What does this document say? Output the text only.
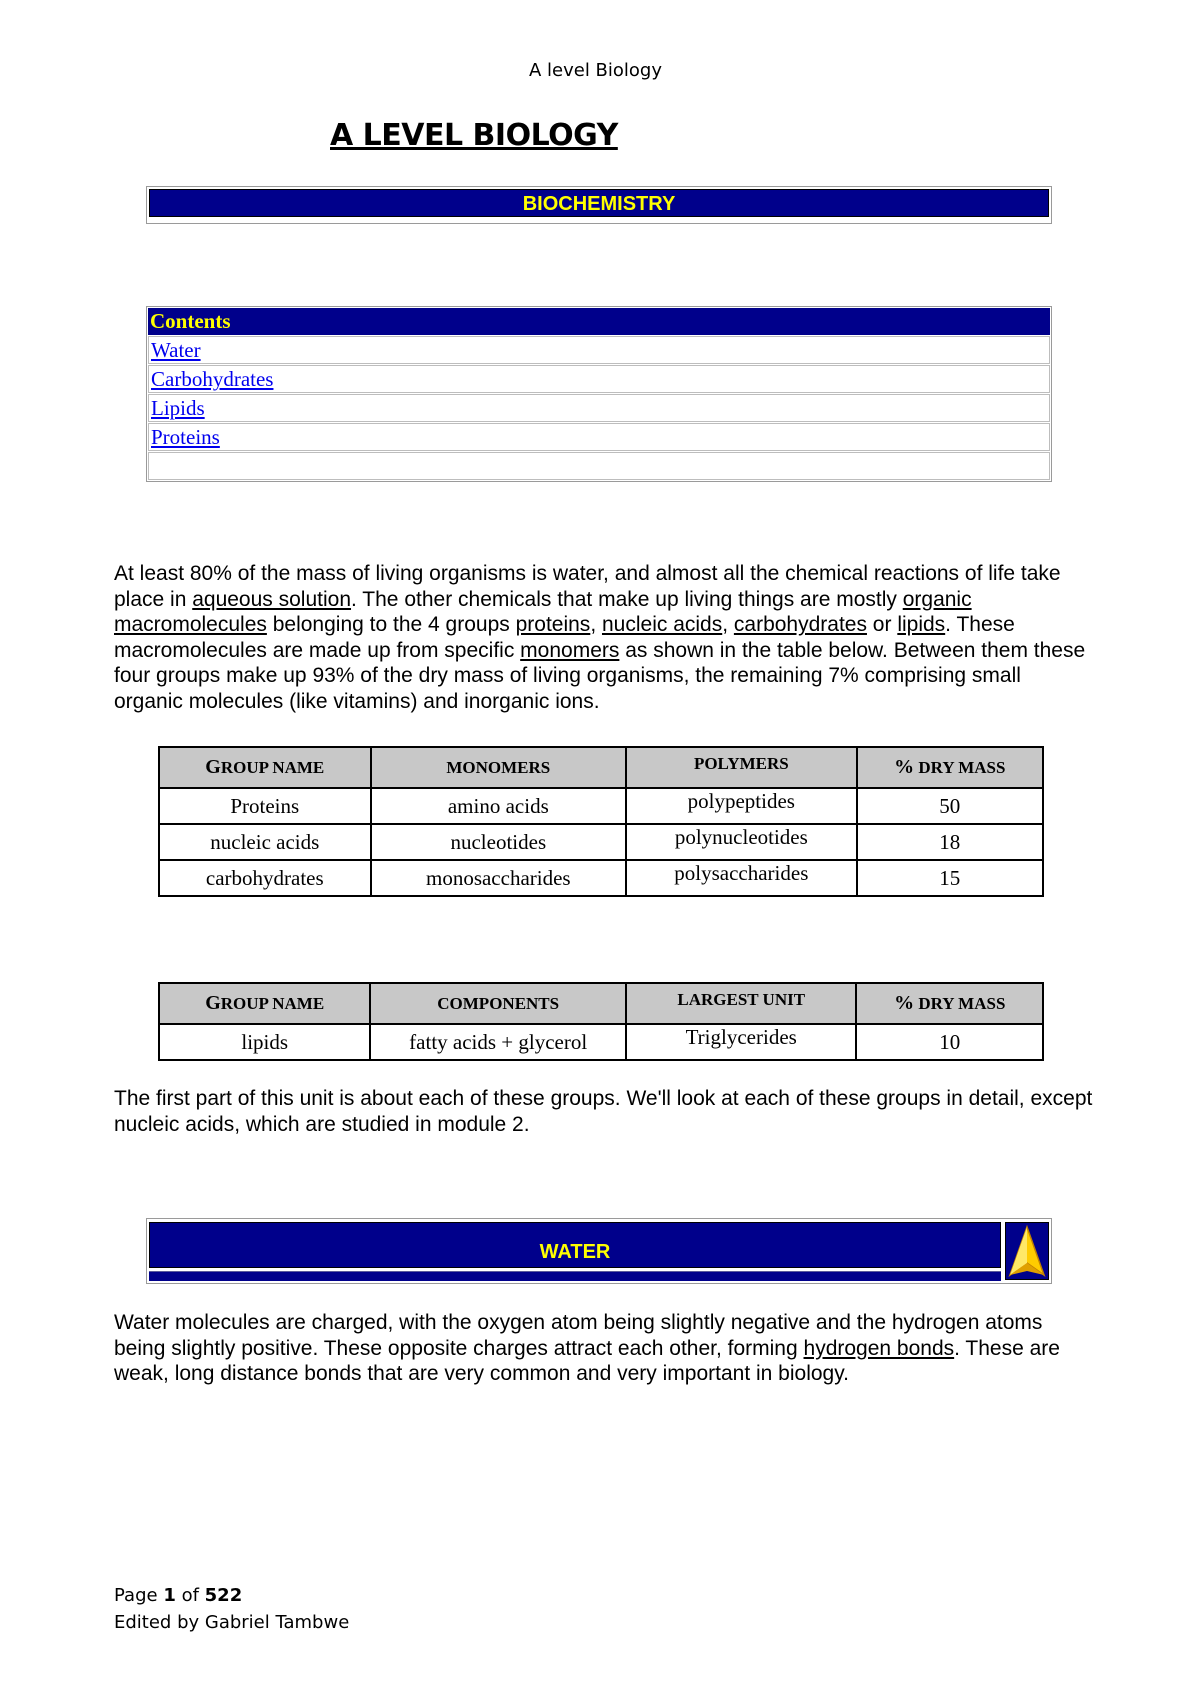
A level Biology
A LEVEL BIOLOGY
BIOCHEMISTRY
Contents
Water
Carbohydrates
Lipids
Proteins
At least 80% of the mass of living organisms is water, and almost all the chemical reactions of life take place in aqueous solution. The other chemicals that make up living things are mostly organic macromolecules belonging to the 4 groups proteins, nucleic acids, carbohydrates or lipids. These macromolecules are made up from specific monomers as shown in the table below. Between them these four groups make up 93% of the dry mass of living organisms, the remaining 7% comprising small organic molecules (like vitamins) and inorganic ions.
GROUP NAME	MONOMERS	POLYMERS	% DRY MASS
Proteins	amino acids	polypeptides	50
nucleic acids	nucleotides	polynucleotides	18
carbohydrates	monosaccharides	polysaccharides	15
GROUP NAME	COMPONENTS	LARGEST UNIT	% DRY MASS
lipids	fatty acids + glycerol	Triglycerides	10
The first part of this unit is about each of these groups. We'll look at each of these groups in detail, except nucleic acids, which are studied in module 2.
WATER
Water molecules are charged, with the oxygen atom being slightly negative and the hydrogen atoms being slightly positive. These opposite charges attract each other, forming hydrogen bonds. These are weak, long distance bonds that are very common and very important in biology.
Page 1 of 522
Edited by Gabriel Tambwe
